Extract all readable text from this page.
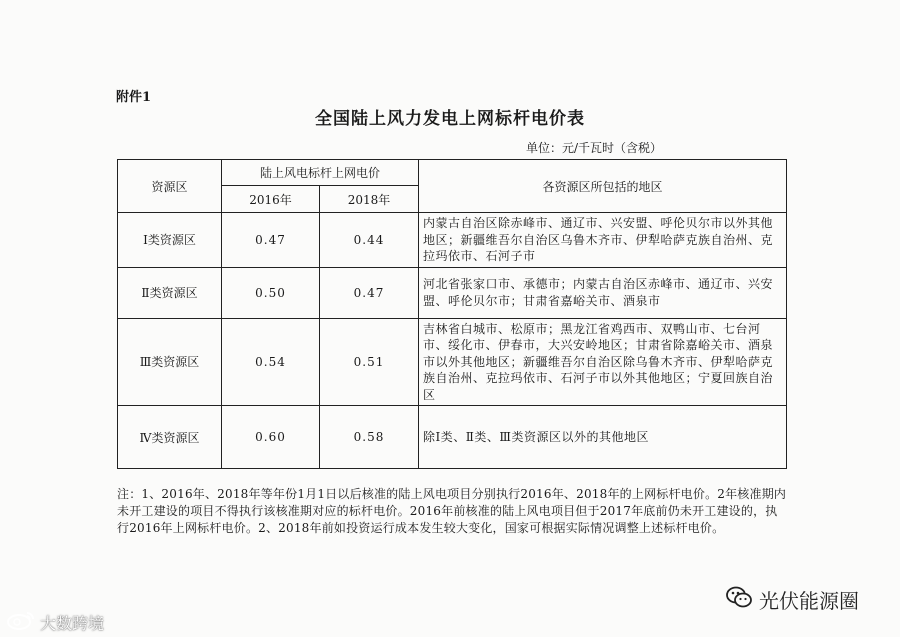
附件1
全国陆上风力发电上网标杆电价表
单位：元/千瓦时（含税）
资源区	陆上风电标杆上网电价		各资源区所包括的地区
	2016年	2018年	
Ⅰ类资源区	0.47	0.44	内蒙古自治区除赤峰市、通辽市、兴安盟、呼伦贝尔市以外其他地区；新疆维吾尔自治区乌鲁木齐市、伊犁哈萨克族自治州、克拉玛依市、石河子市
Ⅱ类资源区	0.50	0.47	河北省张家口市、承德市；内蒙古自治区赤峰市、通辽市、兴安盟、呼伦贝尔市；甘肃省嘉峪关市、酒泉市
Ⅲ类资源区	0.54	0.51	吉林省白城市、松原市；黑龙江省鸡西市、双鸭山市、七台河市、绥化市、伊春市，大兴安岭地区；甘肃省除嘉峪关市、酒泉市以外其他地区；新疆维吾尔自治区除乌鲁木齐市、伊犁哈萨克族自治州、克拉玛依市、石河子市以外其他地区；宁夏回族自治区
Ⅳ类资源区	0.60	0.58	除Ⅰ类、Ⅱ类、Ⅲ类资源区以外的其他地区
注：1、2016年、2018年等年份1月1日以后核准的陆上风电项目分别执行2016年、2018年的上网标杆电价。2年核准期内未开工建设的项目不得执行该核准期对应的标杆电价。2016年前核准的陆上风电项目但于2017年底前仍未开工建设的，执行2016年上网标杆电价。2、2018年前如投资运行成本发生较大变化，国家可根据实际情况调整上述标杆电价。
大数跨境
光伏能源圈
